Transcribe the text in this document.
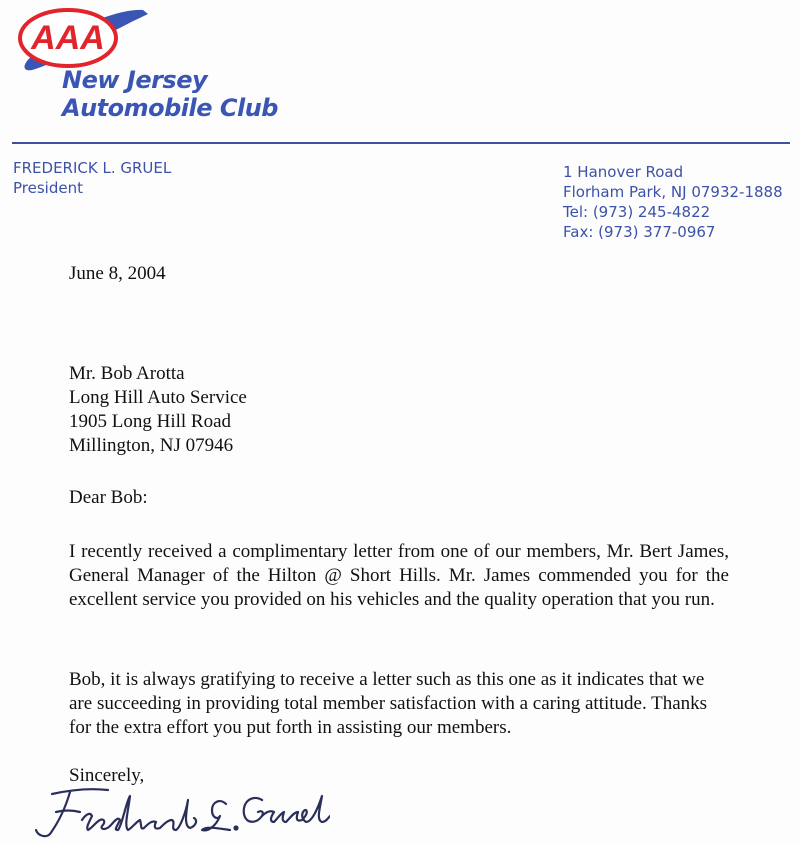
AAA
New Jersey
Automobile Club
FREDERICK L. GRUEL
President
1 Hanover Road
Florham Park, NJ 07932-1888
Tel: (973) 245-4822
Fax: (973) 377-0967
June 8, 2004
Mr. Bob Arotta
Long Hill Auto Service
1905 Long Hill Road
Millington, NJ 07946
Dear Bob:
I recently received a complimentary letter from one of our members, Mr. Bert James, General Manager of the Hilton @ Short Hills. Mr. James commended you for the excellent service you provided on his vehicles and the quality operation that you run.
Bob, it is always gratifying to receive a letter such as this one as it indicates that we are succeeding in providing total member satisfaction with a caring attitude. Thanks for the extra effort you put forth in assisting our members.
Sincerely,
